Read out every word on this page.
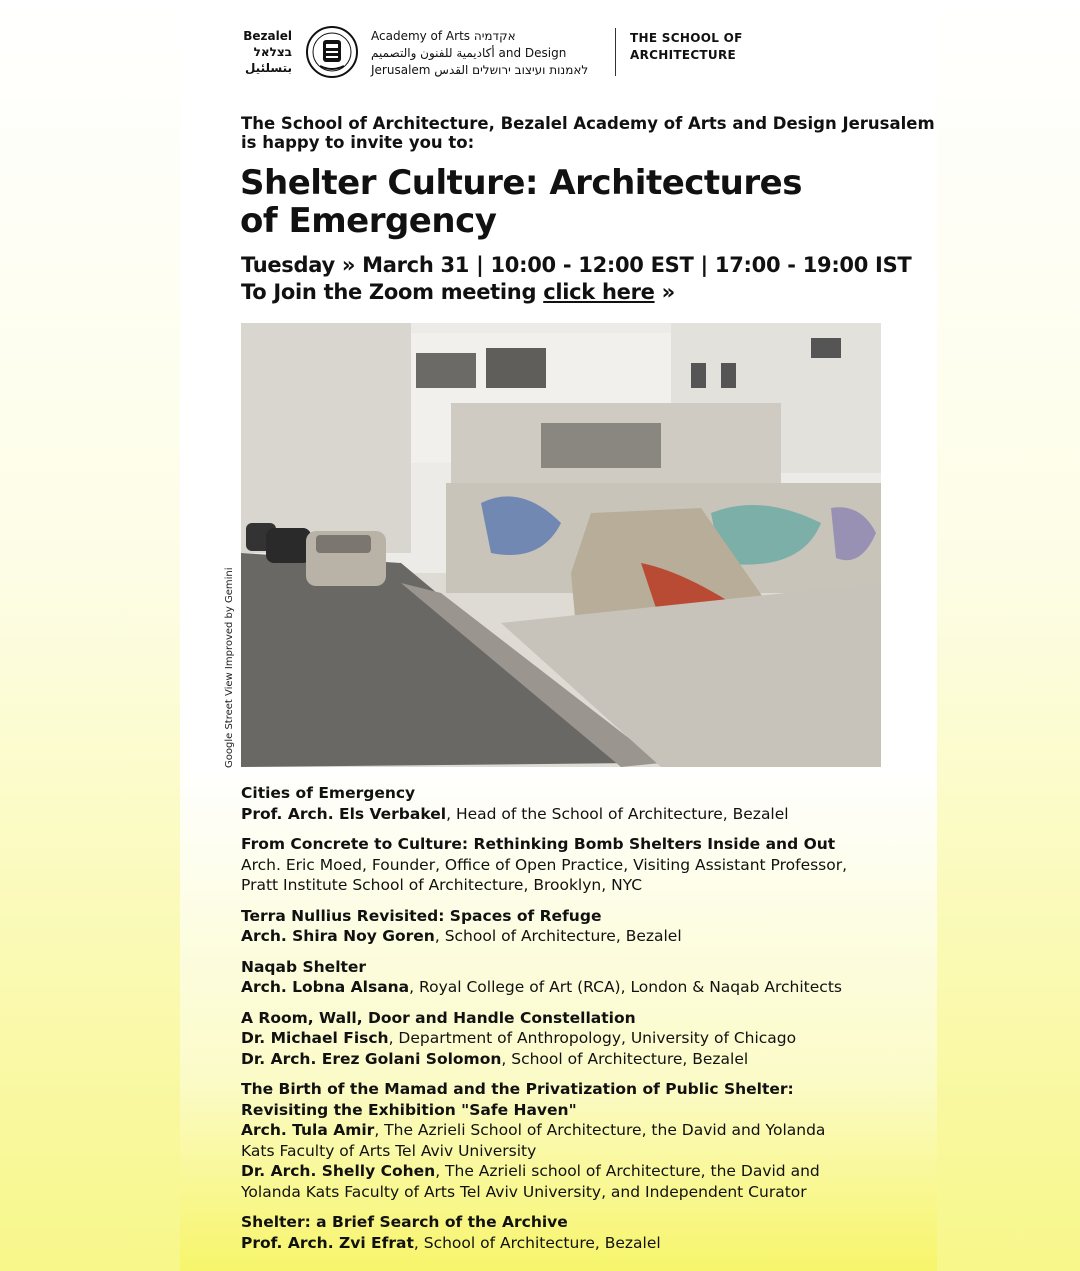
Bezalel
בצלאל
بتسلئيل
Academy of Arts אקדמיה
أكاديمية للفنون والتصميم and Design
Jerusalem לאמנות ועיצוב ירושלים القدس
THE SCHOOL OF
ARCHITECTURE
The School of Architecture, Bezalel Academy of Arts and Design Jerusalem
is happy to invite you to:
Shelter Culture: Architectures
of Emergency
Tuesday » March 31 | 10:00 - 12:00 EST | 17:00 - 19:00 IST
To Join the Zoom meeting click here »
Google Street View Improved by Gemini
Cities of Emergency
Prof. Arch. Els Verbakel, Head of the School of Architecture, Bezalel
From Concrete to Culture: Rethinking Bomb Shelters Inside and Out
Arch. Eric Moed, Founder, Office of Open Practice, Visiting Assistant Professor,
Pratt Institute School of Architecture, Brooklyn, NYC
Terra Nullius Revisited: Spaces of Refuge
Arch. Shira Noy Goren, School of Architecture, Bezalel
Naqab Shelter
Arch. Lobna Alsana, Royal College of Art (RCA), London & Naqab Architects
A Room, Wall, Door and Handle Constellation
Dr. Michael Fisch, Department of Anthropology, University of Chicago
Dr. Arch. Erez Golani Solomon, School of Architecture, Bezalel
The Birth of the Mamad and the Privatization of Public Shelter: Revisiting the Exhibition "Safe Haven"
Arch. Tula Amir, The Azrieli School of Architecture, the David and Yolanda Kats Faculty of Arts Tel Aviv University
Dr. Arch. Shelly Cohen, The Azrieli school of Architecture, the David and Yolanda Kats Faculty of Arts Tel Aviv University, and Independent Curator
Shelter: a Brief Search of the Archive
Prof. Arch. Zvi Efrat, School of Architecture, Bezalel
